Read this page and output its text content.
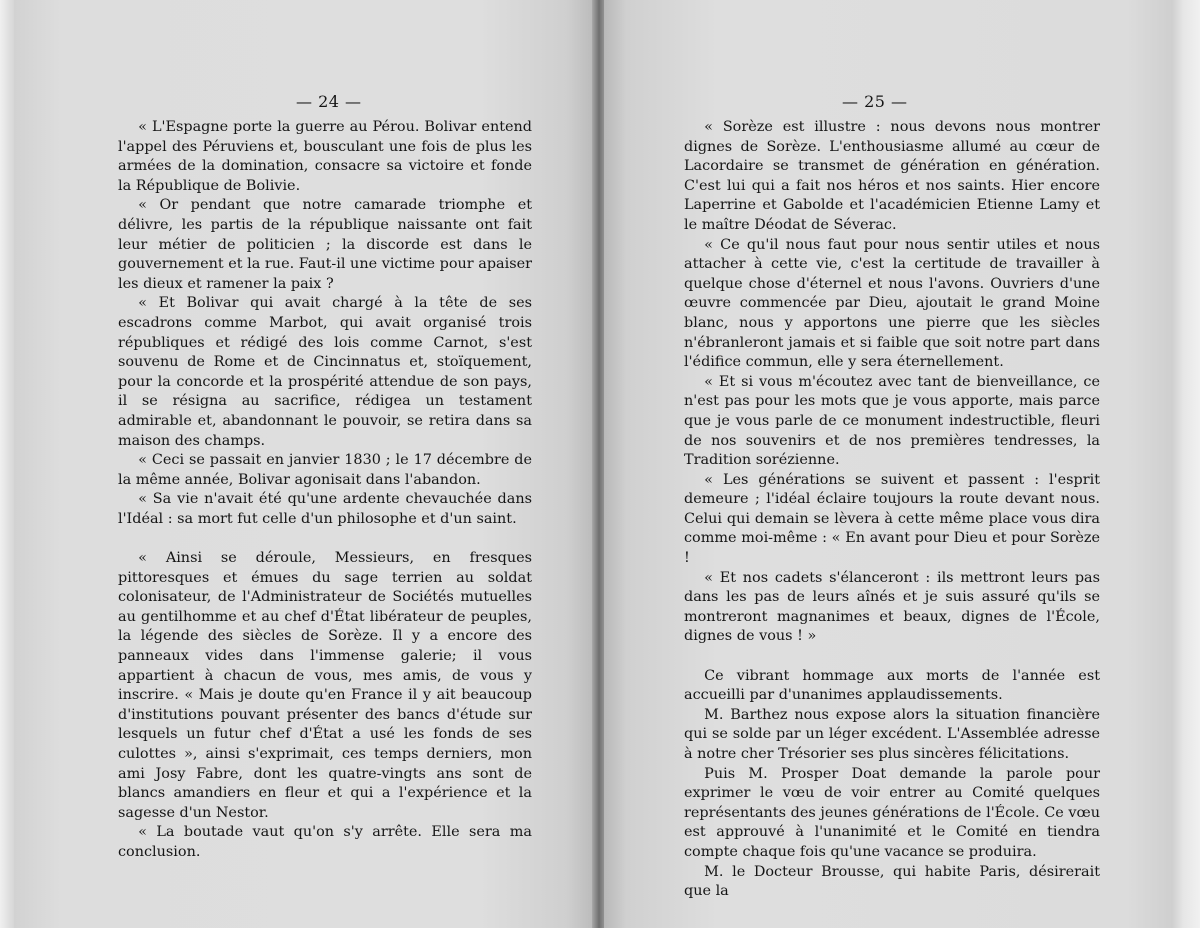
— 24 —

« L'Espagne porte la guerre au Pérou. Bolivar entend l'appel des Péruviens et, bousculant une fois de plus les armées de la domination, consacre sa victoire et fonde la République de Bolivie.

« Or pendant que notre camarade triomphe et délivre, les partis de la république naissante ont fait leur métier de politicien ; la discorde est dans le gouvernement et la rue. Faut-il une victime pour apaiser les dieux et ramener la paix ?

« Et Bolivar qui avait chargé à la tête de ses escadrons comme Marbot, qui avait organisé trois républiques et rédigé des lois comme Carnot, s'est souvenu de Rome et de Cincinnatus et, stoïquement, pour la concorde et la prospérité attendue de son pays, il se résigna au sacrifice, rédigea un testament admirable et, abandonnant le pouvoir, se retira dans sa maison des champs.

« Ceci se passait en janvier 1830 ; le 17 décembre de la même année, Bolivar agonisait dans l'abandon.

« Sa vie n'avait été qu'une ardente chevauchée dans l'Idéal : sa mort fut celle d'un philosophe et d'un saint.

« Ainsi se déroule, Messieurs, en fresques pittoresques et émues du sage terrien au soldat colonisateur, de l'Administrateur de Sociétés mutuelles au gentilhomme et au chef d'État libérateur de peuples, la légende des siècles de Sorèze. Il y a encore des panneaux vides dans l'immense galerie; il vous appartient à chacun de vous, mes amis, de vous y inscrire. « Mais je doute qu'en France il y ait beaucoup d'institutions pouvant présenter des bancs d'étude sur lesquels un futur chef d'État a usé les fonds de ses culottes », ainsi s'exprimait, ces temps derniers, mon ami Josy Fabre, dont les quatre-vingts ans sont de blancs amandiers en fleur et qui a l'expérience et la sagesse d'un Nestor.

« La boutade vaut qu'on s'y arrête. Elle sera ma conclusion.

— 25 —

« Sorèze est illustre : nous devons nous montrer dignes de Sorèze. L'enthousiasme allumé au cœur de Lacordaire se transmet de génération en génération. C'est lui qui a fait nos héros et nos saints. Hier encore Laperrine et Gabolde et l'académicien Etienne Lamy et le maître Déodat de Séverac.

« Ce qu'il nous faut pour nous sentir utiles et nous attacher à cette vie, c'est la certitude de travailler à quelque chose d'éternel et nous l'avons. Ouvriers d'une œuvre commencée par Dieu, ajoutait le grand Moine blanc, nous y apportons une pierre que les siècles n'ébranleront jamais et si faible que soit notre part dans l'édifice commun, elle y sera éternellement.

« Et si vous m'écoutez avec tant de bienveillance, ce n'est pas pour les mots que je vous apporte, mais parce que je vous parle de ce monument indestructible, fleuri de nos souvenirs et de nos premières tendresses, la Tradition sorézienne.

« Les générations se suivent et passent : l'esprit demeure ; l'idéal éclaire toujours la route devant nous. Celui qui demain se lèvera à cette même place vous dira comme moi-même : « En avant pour Dieu et pour Sorèze !

« Et nos cadets s'élanceront : ils mettront leurs pas dans les pas de leurs aînés et je suis assuré qu'ils se montreront magnanimes et beaux, dignes de l'École, dignes de vous ! »

Ce vibrant hommage aux morts de l'année est accueilli par d'unanimes applaudissements.

M. Barthez nous expose alors la situation financière qui se solde par un léger excédent. L'Assemblée adresse à notre cher Trésorier ses plus sincères félicitations.

Puis M. Prosper Doat demande la parole pour exprimer le vœu de voir entrer au Comité quelques représentants des jeunes générations de l'École. Ce vœu est approuvé à l'unanimité et le Comité en tiendra compte chaque fois qu'une vacance se produira.

M. le Docteur Brousse, qui habite Paris, désirerait que la
